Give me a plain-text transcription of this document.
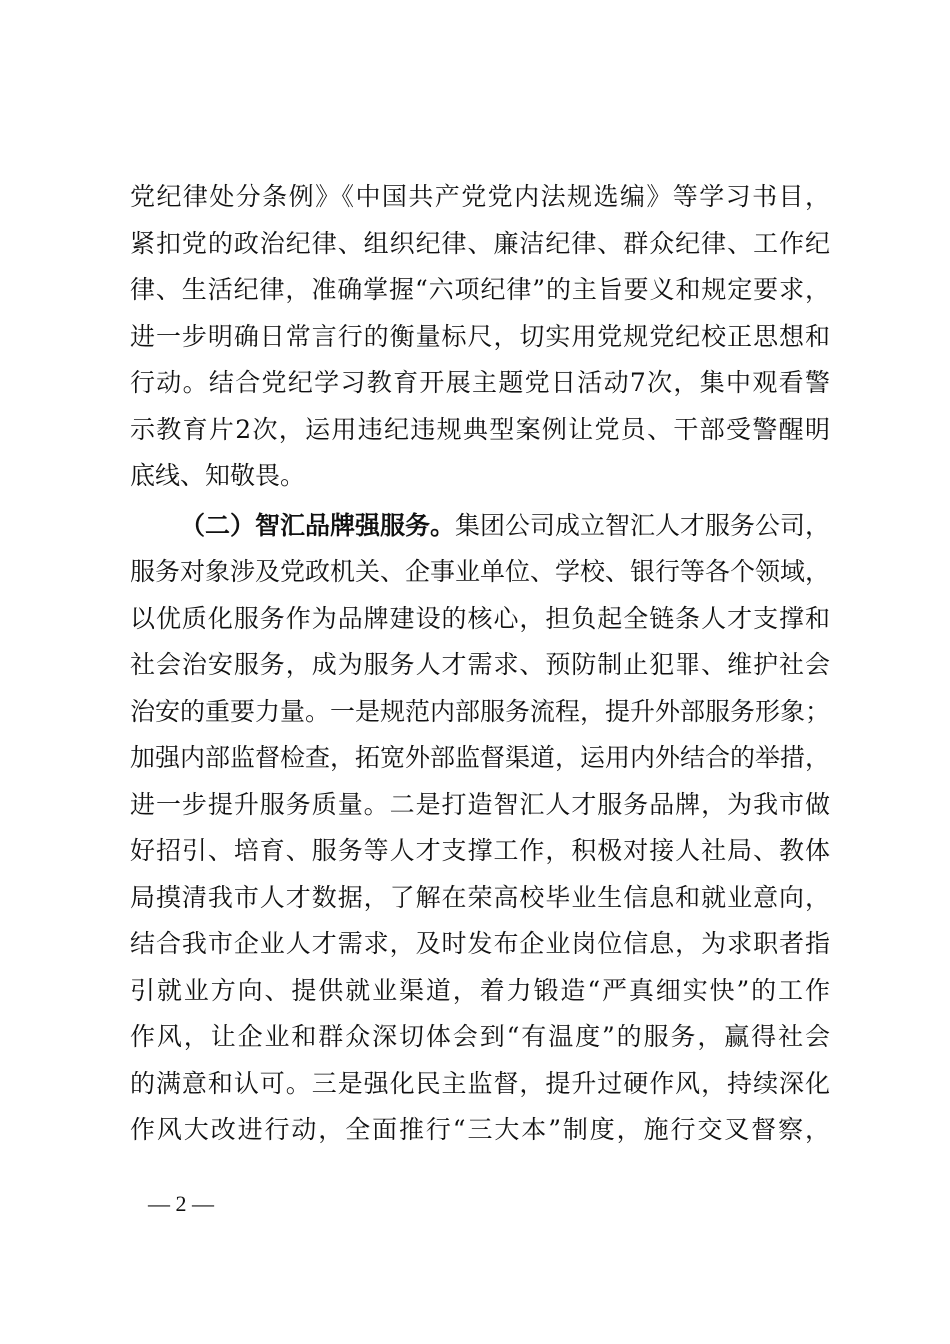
党纪律处分条例》《中国共产党党内法规选编》等学习书目，
紧扣党的政治纪律、组织纪律、廉洁纪律、群众纪律、工作纪
律、生活纪律，准确掌握“六项纪律”的主旨要义和规定要求，
进一步明确日常言行的衡量标尺，切实用党规党纪校正思想和
行动。结合党纪学习教育开展主题党日活动7次，集中观看警
示教育片2次，运用违纪违规典型案例让党员、干部受警醒明
底线、知敬畏。
（二）智汇品牌强服务。集团公司成立智汇人才服务公司，
服务对象涉及党政机关、企事业单位、学校、银行等各个领域，
以优质化服务作为品牌建设的核心，担负起全链条人才支撑和
社会治安服务，成为服务人才需求、预防制止犯罪、维护社会
治安的重要力量。一是规范内部服务流程，提升外部服务形象；
加强内部监督检查，拓宽外部监督渠道，运用内外结合的举措，
进一步提升服务质量。二是打造智汇人才服务品牌，为我市做
好招引、培育、服务等人才支撑工作，积极对接人社局、教体
局摸清我市人才数据，了解在荣高校毕业生信息和就业意向，
结合我市企业人才需求，及时发布企业岗位信息，为求职者指
引就业方向、提供就业渠道，着力锻造“严真细实快”的工作
作风，让企业和群众深切体会到“有温度”的服务，赢得社会
的满意和认可。三是强化民主监督，提升过硬作风，持续深化
作风大改进行动，全面推行“三大本”制度，施行交叉督察，
— 2 —
